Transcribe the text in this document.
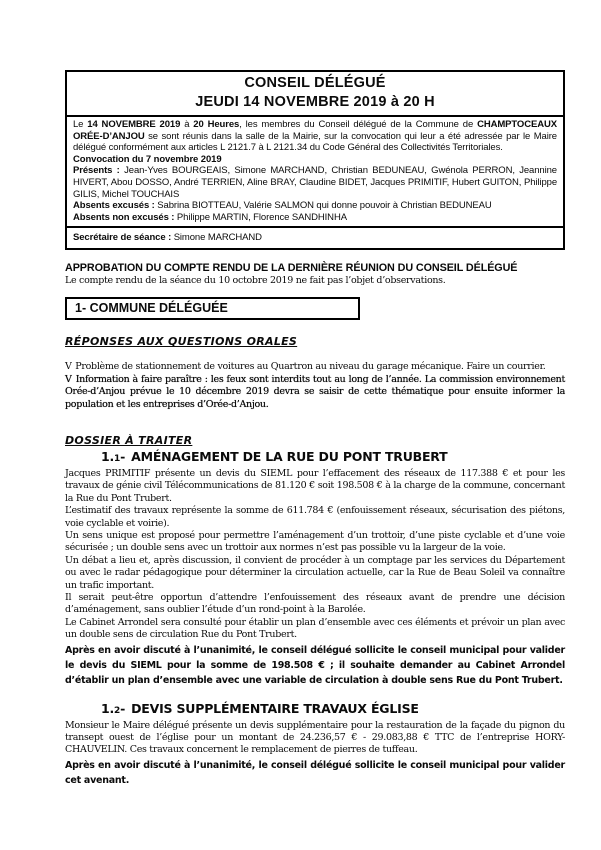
CONSEIL DÉLÉGUÉ
JEUDI 14 NOVEMBRE 2019 à 20 H

Le 14 NOVEMBRE 2019 à 20 Heures, les membres du Conseil délégué de la Commune de CHAMPTOCEAUX ORÉE-D’ANJOU se sont réunis dans la salle de la Mairie, sur la convocation qui leur a été adressée par le Maire délégué conformément aux articles L 2121.7 à L 2121.34 du Code Général des Collectivités Territoriales.

Convocation du 7 novembre 2019

Présents : Jean-Yves BOURGEAIS, Simone MARCHAND, Christian BEDUNEAU, Gwénola PERRON, Jeannine HIVERT, Abou DOSSO, André TERRIEN, Aline BRAY, Claudine BIDET, Jacques PRIMITIF, Hubert GUITON, Philippe GILIS, Michel TOUCHAIS

Absents excusés : Sabrina BIOTTEAU, Valérie SALMON qui donne pouvoir à Christian BEDUNEAU

Absents non excusés : Philippe MARTIN, Florence SANDHINHA

Secrétaire de séance : Simone MARCHAND

APPROBATION DU COMPTE RENDU DE LA DERNIÈRE RÉUNION DU CONSEIL DÉLÉGUÉ

Le compte rendu de la séance du 10 octobre 2019 ne fait pas l’objet d’observations.

1- COMMUNE DÉLÉGUÉE
RÉPONSES AUX QUESTIONS ORALES

V Problème de stationnement de voitures au Quartron au niveau du garage mécanique. Faire un courrier.

V Information à faire paraître : les feux sont interdits tout au long de l’année. La commission environnement Orée-d’Anjou prévue le 10 décembre 2019 devra se saisir de cette thématique pour ensuite informer la population et les entreprises d’Orée-d’Anjou.

DOSSIER À TRAITER
1.1- AMÉNAGEMENT DE LA RUE DU PONT TRUBERT

Jacques PRIMITIF présente un devis du SIEML pour l’effacement des réseaux de 117.388 € et pour les travaux de génie civil Télécommunications de 81.120 € soit 198.508 € à la charge de la commune, concernant la Rue du Pont Trubert.

L’estimatif des travaux représente la somme de 611.784 € (enfouissement réseaux, sécurisation des piétons, voie cyclable et voirie).

Un sens unique est proposé pour permettre l’aménagement d’un trottoir, d’une piste cyclable et d’une voie sécurisée ; un double sens avec un trottoir aux normes n’est pas possible vu la largeur de la voie.

Un débat a lieu et, après discussion, il convient de procéder à un comptage par les services du Département ou avec le radar pédagogique pour déterminer la circulation actuelle, car la Rue de Beau Soleil va connaître un trafic important.

Il serait peut-être opportun d’attendre l’enfouissement des réseaux avant de prendre une décision d’aménagement, sans oublier l’étude d’un rond-point à la Barolée.

Le Cabinet Arrondel sera consulté pour établir un plan d’ensemble avec ces éléments et prévoir un plan avec un double sens de circulation Rue du Pont Trubert.

Après en avoir discuté à l’unanimité, le conseil délégué sollicite le conseil municipal pour valider le devis du SIEML pour la somme de 198.508 € ; il souhaite demander au Cabinet Arrondel d’établir un plan d’ensemble avec une variable de circulation à double sens Rue du Pont Trubert.

1.2- DEVIS SUPPLÉMENTAIRE TRAVAUX ÉGLISE

Monsieur le Maire délégué présente un devis supplémentaire pour la restauration de la façade du pignon du transept ouest de l’église pour un montant de 24.236,57 € - 29.083,88 € TTC de l’entreprise HORY-CHAUVELIN. Ces travaux concernent le remplacement de pierres de tuffeau.

Après en avoir discuté à l’unanimité, le conseil délégué sollicite le conseil municipal pour valider cet avenant.
